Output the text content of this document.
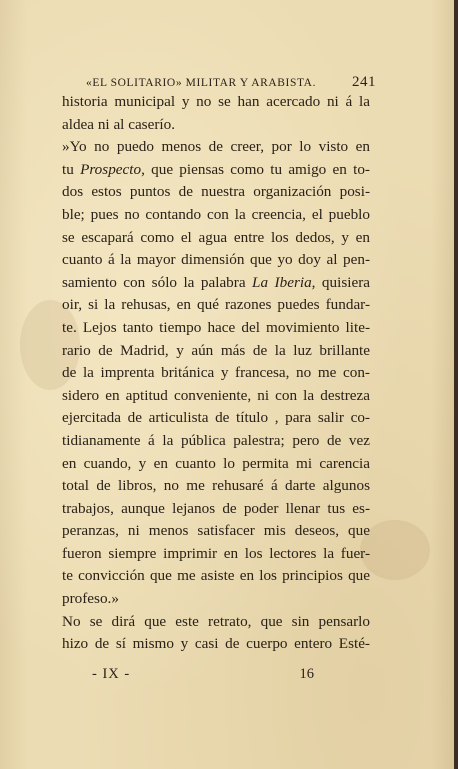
«EL SOLITARIO» MILITAR Y ARABISTA. 241
historia municipal y no se han acercado ni á la
aldea ni al caserío.
»Yo no puedo menos de creer, por lo visto en
tu Prospecto, que piensas como tu amigo en to-
dos estos puntos de nuestra organización posi-
ble; pues no contando con la creencia, el pueblo
se escapará como el agua entre los dedos, y en
cuanto á la mayor dimensión que yo doy al pen-
samiento con sólo la palabra La Iberia, quisiera
oir, si la rehusas, en qué razones puedes fundar-
te. Lejos tanto tiempo hace del movimiento lite-
rario de Madrid, y aún más de la luz brillante
de la imprenta británica y francesa, no me con-
sidero en aptitud conveniente, ni con la destreza
ejercitada de articulista de título , para salir co-
tidianamente á la pública palestra; pero de vez
en cuando, y en cuanto lo permita mi carencia
total de libros, no me rehusaré á darte algunos
trabajos, aunque lejanos de poder llenar tus es-
peranzas, ni menos satisfacer mis deseos, que
fueron siempre imprimir en los lectores la fuer-
te convicción que me asiste en los principios que
profeso.»
No se dirá que este retrato, que sin pensarlo
hizo de sí mismo y casi de cuerpo entero Esté-
- IX -	16
